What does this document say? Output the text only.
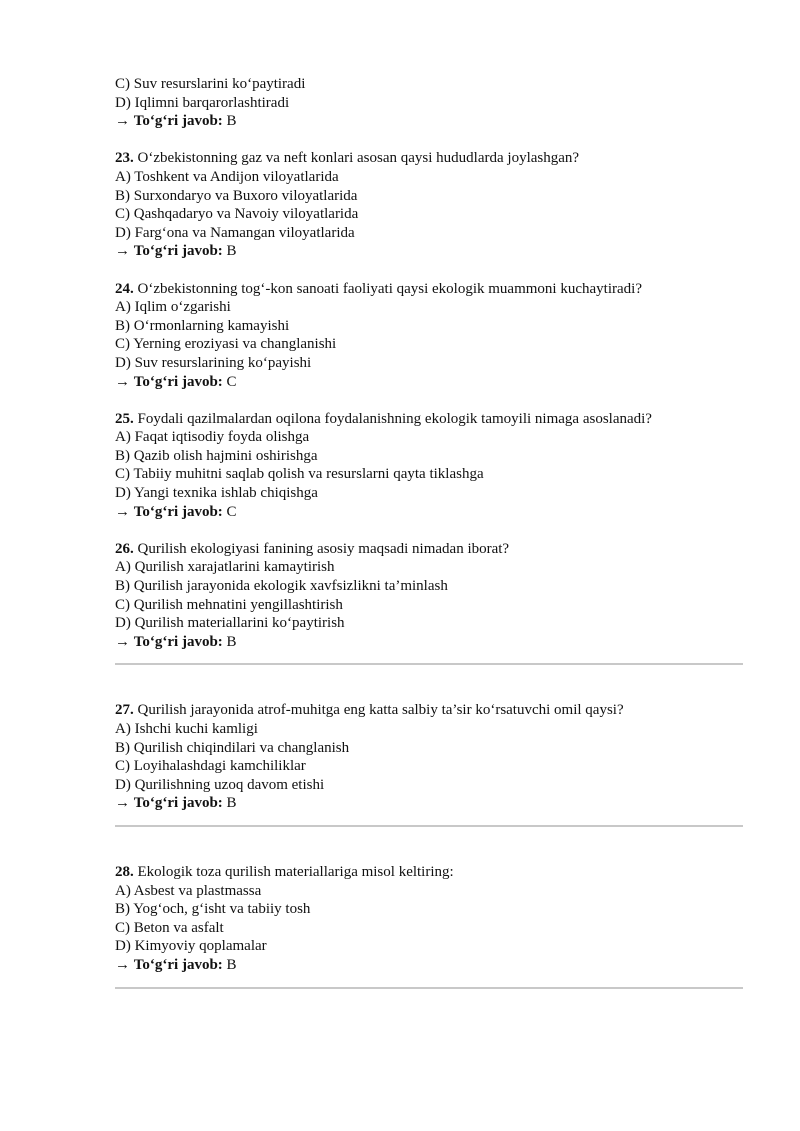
C) Suv resurslarini ko‘paytiradi
D) Iqlimni barqarorlashtiradi
→ To‘g‘ri javob: B
23. O‘zbekistonning gaz va neft konlari asosan qaysi hududlarda joylashgan?
A) Toshkent va Andijon viloyatlarida
B) Surxondaryo va Buxoro viloyatlarida
C) Qashqadaryo va Navoiy viloyatlarida
D) Farg‘ona va Namangan viloyatlarida
→ To‘g‘ri javob: B
24. O‘zbekistonning tog‘-kon sanoati faoliyati qaysi ekologik muammoni kuchaytiradi?
A) Iqlim o‘zgarishi
B) O‘rmonlarning kamayishi
C) Yerning eroziyasi va changlanishi
D) Suv resurslarining ko‘payishi
→ To‘g‘ri javob: C
25. Foydali qazilmalardan oqilona foydalanishning ekologik tamoyili nimaga asoslanadi?
A) Faqat iqtisodiy foyda olishga
B) Qazib olish hajmini oshirishga
C) Tabiiy muhitni saqlab qolish va resurslarni qayta tiklashga
D) Yangi texnika ishlab chiqishga
→ To‘g‘ri javob: C
26. Qurilish ekologiyasi fanining asosiy maqsadi nimadan iborat?
A) Qurilish xarajatlarini kamaytirish
B) Qurilish jarayonida ekologik xavfsizlikni ta’minlash
C) Qurilish mehnatini yengillashtirish
D) Qurilish materiallarini ko‘paytirish
→ To‘g‘ri javob: B
27. Qurilish jarayonida atrof-muhitga eng katta salbiy ta’sir ko‘rsatuvchi omil qaysi?
A) Ishchi kuchi kamligi
B) Qurilish chiqindilari va changlanish
C) Loyihalashdagi kamchiliklar
D) Qurilishning uzoq davom etishi
→ To‘g‘ri javob: B
28. Ekologik toza qurilish materiallariga misol keltiring:
A) Asbest va plastmassa
B) Yog‘och, g‘isht va tabiiy tosh
C) Beton va asfalt
D) Kimyoviy qoplamalar
→ To‘g‘ri javob: B
